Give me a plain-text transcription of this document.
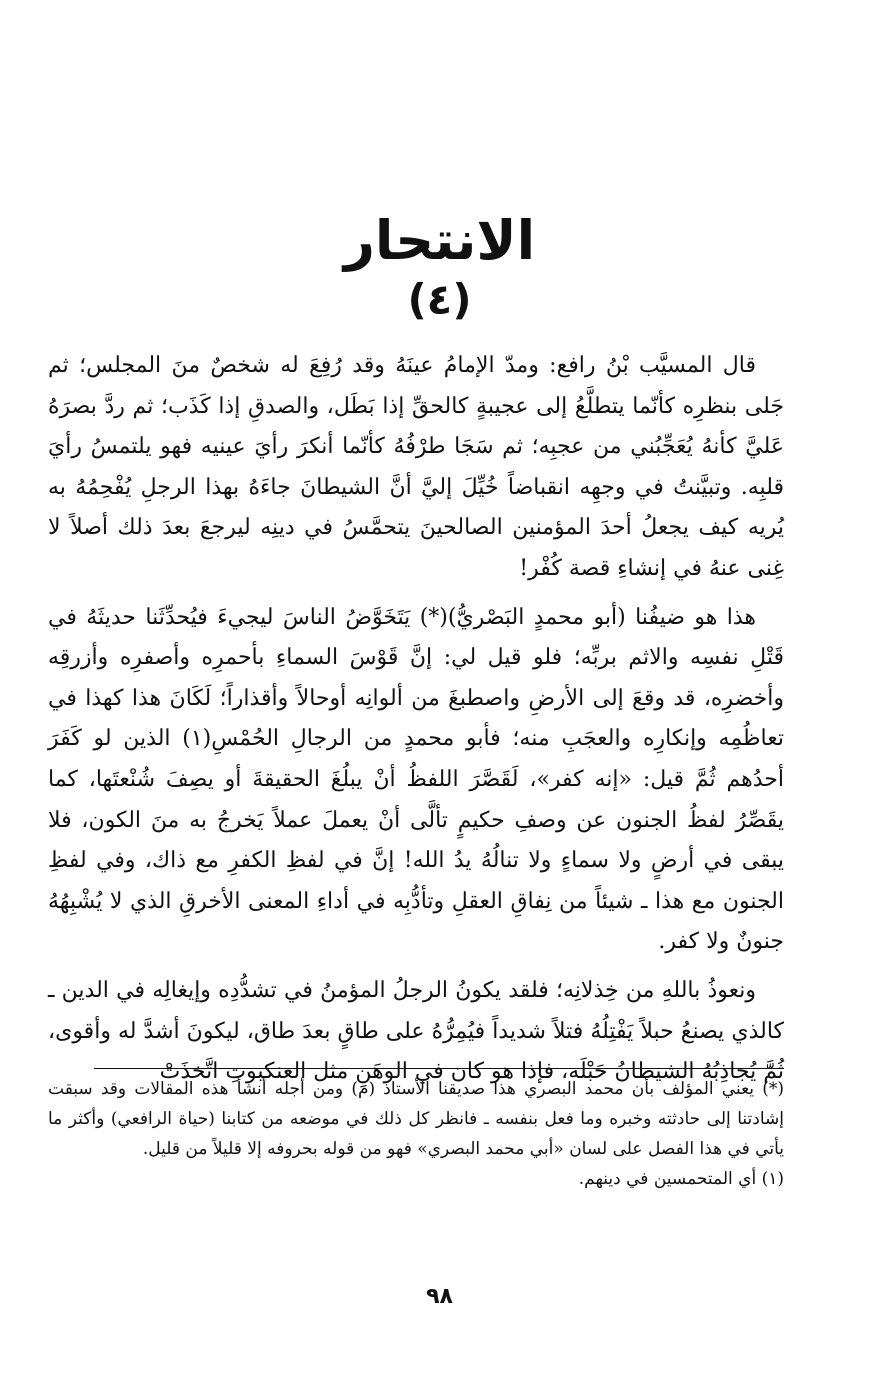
الانتحار
(٤)

قال المسيَّب بْنُ رافع: ومدّ الإمامُ عينَهُ وقد رُفِعَ له شخصٌ منَ المجلس؛ ثم جَلى بنظرِه كأنّما يتطلَّعُ إلى عجيبةٍ كالحقِّ إذا بَطَل، والصدقِ إذا كَذَب؛ ثم ردَّ بصرَهُ عَليَّ كأنهُ يُعَجِّبُني من عجبِه؛ ثم سَجَا طرْفُهُ كأنّما أنكرَ رأيَ عينيه فهو يلتمسُ رأيَ قلبِه. وتبيَّنتُ في وجهِه انقباضاً خُيِّلَ إليَّ أنَّ الشيطانَ جاءَهُ بهذا الرجلِ يُفْحِمُهُ به يُريه كيف يجعلُ أحدَ المؤمنين الصالحينَ يتحمَّسُ في دينِه ليرجعَ بعدَ ذلك أصلاً لا غِنى عنهُ في إنشاءِ قصة كُفْر!

هذا هو ضيفُنا (أبو محمدٍ البَصْريُّ)(*) يَتَخَوَّضُ الناسَ ليجيءَ فيُحدِّثَنا حديثَهُ في قَتْلِ نفسِه والاثم بربِّه؛ فلو قيل لي: إنَّ قَوْسَ السماءِ بأحمرِه وأصفرِه وأزرقِه وأخضرِه، قد وقعَ إلى الأرضِ واصطبغَ من ألوانِه أوحالاً وأقذاراً؛ لَكَانَ هذا كهذا في تعاظُمِه وإنكارِه والعجَبِ منه؛ فأبو محمدٍ من الرجالِ الحُمْسِ(١) الذين لو كَفَرَ أحدُهم ثُمَّ قيل: «إنه كفر»، لَقَصَّرَ اللفظُ أنْ يبلُغَ الحقيقةَ أو يصِفَ شُنْعتَها، كما يقَصِّرُ لفظُ الجنون عن وصفِ حكيمٍ تألَّى أنْ يعملَ عملاً يَخرجُ به منَ الكون، فلا يبقى في أرضٍ ولا سماءٍ ولا تنالُهُ يدُ الله! إنَّ في لفظِ الكفرِ مع ذاك، وفي لفظِ الجنون مع هذا ـ شيئاً من نِفاقِ العقلِ وتأدُّبِه في أداءِ المعنى الأخرقِ الذي لا يُشْبِهُهُ جنونٌ ولا كفر.

ونعوذُ باللهِ من خِذلانِه؛ فلقد يكونُ الرجلُ المؤمنُ في تشدُّدِه وإيغالِه في الدين ـ كالذي يصنعُ حبلاً يَفْتِلُهُ فتلاً شديداً فيُمِرُّهُ على طاقٍ بعدَ طاق، ليكونَ أشدَّ له وأقوى، ثُمَّ يُجاذِبُهُ الشيطانُ حَبْلَه، فإذا هو كان في الوهَنِ مثل العنكبوتِ اتَّخذَتْ

(*) يعني المؤلف بأن محمد البصري هذا صديقنا الأستاذ (م) ومن أجله أنشأ هذه المقالات وقد سبقت إشادتنا إلى حادثته وخبره وما فعل بنفسه ـ فانظر كل ذلك في موضعه من كتابنا (حياة الرافعي) وأكثر ما يأتي في هذا الفصل على لسان «أبي محمد البصري» فهو من قوله بحروفه إلا قليلاً من قليل.

(١) أي المتحمسين في دينهم.

٩٨
